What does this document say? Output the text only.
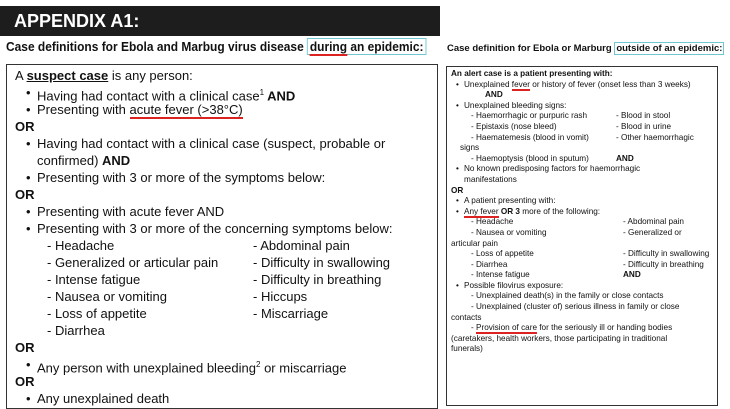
APPENDIX A1:
Case definitions for Ebola and Marbug virus disease during an epidemic: Case definition for Ebola or Marburg outside of an epidemic:
A suspect case is any person:
• Having had contact with a clinical case$^1$ AND
• Presenting with acute fever (>38°C)
OR
• Having had contact with a clinical case (suspect, probable or
confirmed) AND
• Presenting with 3 or more of the symptoms below:
OR
• Presenting with acute fever AND
• Presenting with 3 or more of the concerning symptoms below:
- Headache	- Abdominal pain
- Generalized or articular pain	- Difficulty in swallowing
- Intense fatigue	- Difficulty in breathing
- Nausea or vomiting	- Hiccups
- Loss of appetite	- Miscarriage
- Diarrhea
OR
• Any person with unexplained bleeding$^2$ or miscarriage
OR
• Any unexplained death
An alert case is a patient presenting with:
• Unexplained fever or history of fever (onset less than 3 weeks)
AND
• Unexplained bleeding signs:
- Haemorrhagic or purpuric rash	- Blood in stool
- Epistaxis (nose bleed)	- Blood in urine
- Haematemesis (blood in vomit)	- Other haemorrhagic
signs
- Haemoptysis (blood in sputum)	AND
• No known predisposing factors for haemorrhagic
manifestations
OR
• A patient presenting with:
• Any fever OR 3 more of the following:
- Headache	- Abdominal pain
- Nausea or vomiting	- Generalized or
articular pain
- Loss of appetite	- Difficulty in swallowing
- Diarrhea	- Difficulty in breathing
- Intense fatigue	AND
• Possible filovirus exposure:
- Unexplained death(s) in the family or close contacts
- Unexplained (cluster of) serious illness in family or close
contacts
- Provision of care for the seriously ill or handing bodies
(caretakers, health workers, those participating in traditional
funerals)
